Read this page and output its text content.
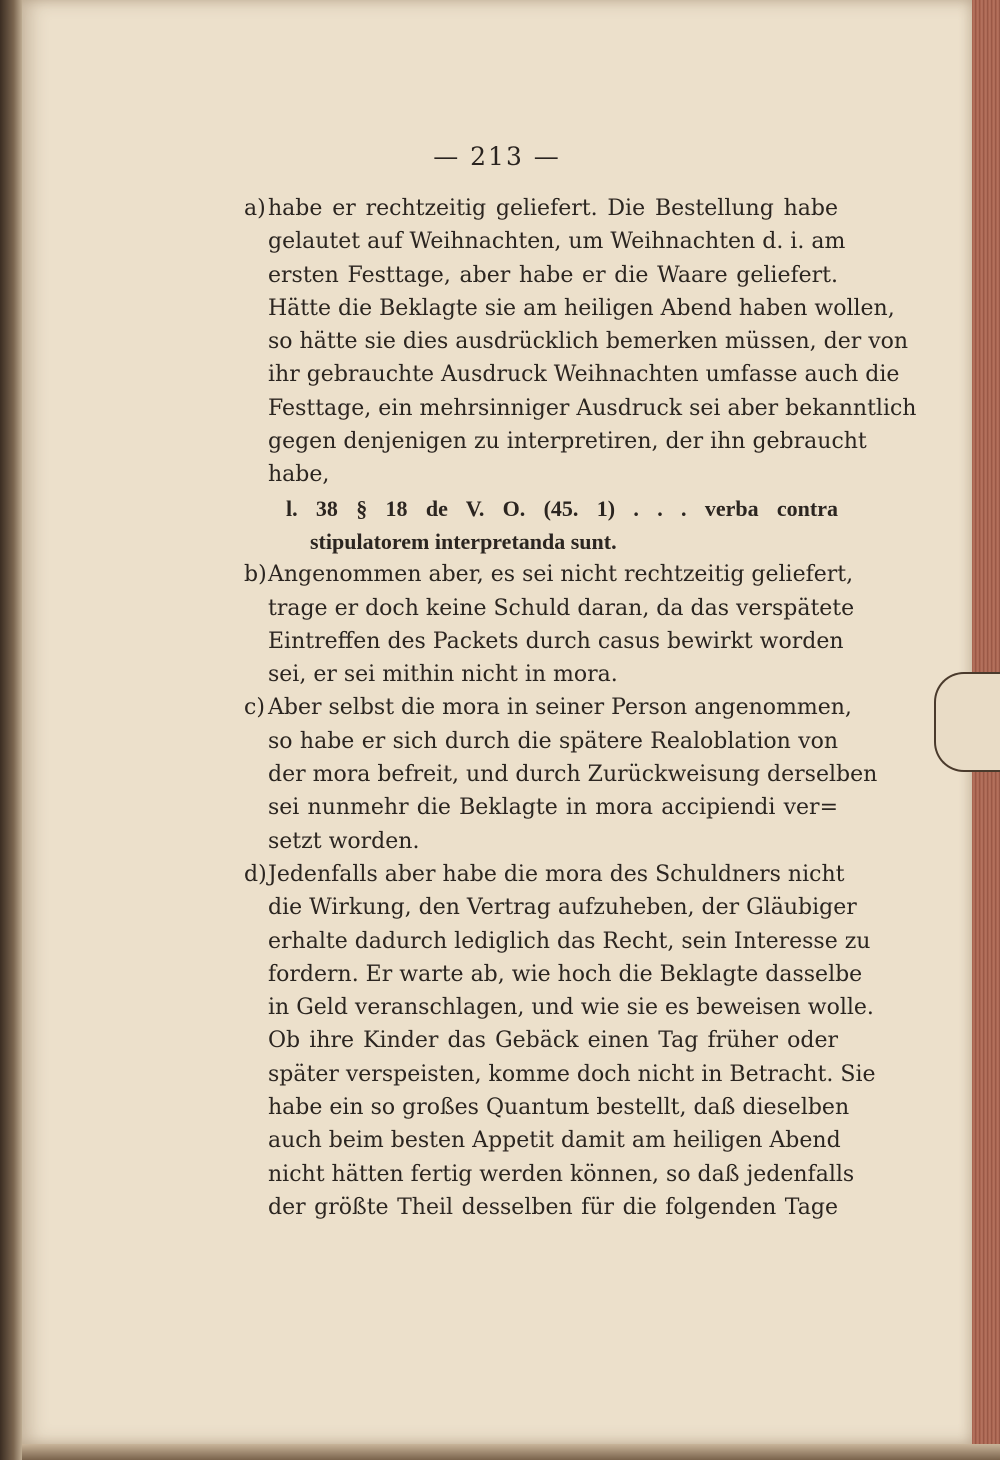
— 213 —
a) habe er rechtzeitig geliefert. Die Bestellung habe
gelautet auf Weihnachten, um Weihnachten d. i. am
ersten Festtage, aber habe er die Waare geliefert.
Hätte die Beklagte sie am heiligen Abend haben wollen,
so hätte sie dies ausdrücklich bemerken müssen, der von
ihr gebrauchte Ausdruck Weihnachten umfasse auch die
Festtage, ein mehrsinniger Ausdruck sei aber bekanntlich
gegen denjenigen zu interpretiren, der ihn gebraucht
habe,
l. 38 § 18 de V. O. (45. 1) . . . verba contra
stipulatorem interpretanda sunt.
b)Angenommen aber, es sei nicht rechtzeitig geliefert,
trage er doch keine Schuld daran, da das verspätete
Eintreffen des Packets durch casus bewirkt worden
sei, er sei mithin nicht in mora.
c) Aber selbst die mora in seiner Person angenommen,
so habe er sich durch die spätere Realoblation von
der mora befreit, und durch Zurückweisung derselben
sei nunmehr die Beklagte in mora accipiendi ver=
setzt worden.
d)Jedenfalls aber habe die mora des Schuldners nicht
die Wirkung, den Vertrag aufzuheben, der Gläubiger
erhalte dadurch lediglich das Recht, sein Interesse zu
fordern. Er warte ab, wie hoch die Beklagte dasselbe
in Geld veranschlagen, und wie sie es beweisen wolle.
Ob ihre Kinder das Gebäck einen Tag früher oder
später verspeisten, komme doch nicht in Betracht. Sie
habe ein so großes Quantum bestellt, daß dieselben
auch beim besten Appetit damit am heiligen Abend
nicht hätten fertig werden können, so daß jedenfalls
der größte Theil desselben für die folgenden Tage
